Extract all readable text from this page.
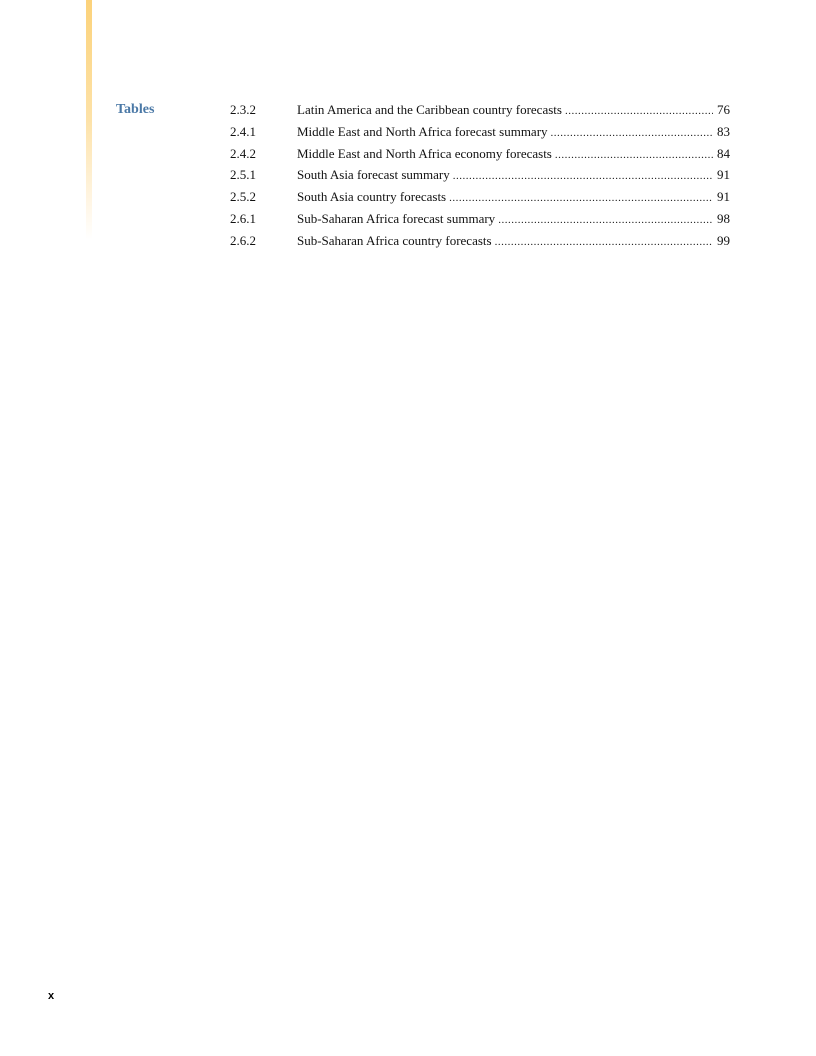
Tables	2.3.2	Latin America and the Caribbean country forecasts .....	76
2.4.1	Middle East and North Africa forecast summary .....	83
2.4.2	Middle East and North Africa economy forecasts .....	84
2.5.1	South Asia forecast summary .....	91
2.5.2	South Asia country forecasts .....	91
2.6.1	Sub-Saharan Africa forecast summary .....	98
2.6.2	Sub-Saharan Africa country forecasts .....	99
x
